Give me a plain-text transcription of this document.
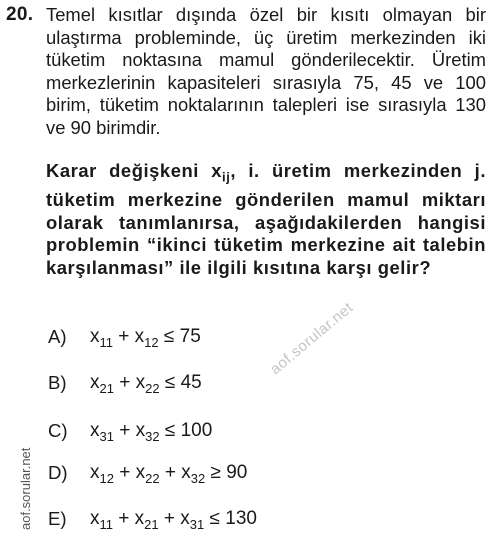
20. Temel kısıtlar dışında özel bir kısıtı olmayan bir ulaştırma probleminde, üç üretim merkezinden iki tüketim noktasına mamul gönderilecektir. Üretim merkezlerinin kapasiteleri sırasıyla 75, 45 ve 100 birim, tüketim noktalarının talepleri ise sırasıyla 130 ve 90 birimdir.

Karar değişkeni $x_{ij}$, i. üretim merkezinden j. tüketim merkezine gönderilen mamul miktarı olarak tanımlanırsa, aşağıdakilerden hangisi problemin “ikinci tüketim merkezine ait talebin karşılanması” ile ilgili kısıtına karşı gelir?

A) $x_{11} + x_{12} \le 75$
B) $x_{21} + x_{22} \le 45$
C) $x_{31} + x_{32} \le 100$
D) $x_{12} + x_{22} + x_{32} \ge 90$
E) $x_{11} + x_{21} + x_{31} \le 130$
aof.sorular.net
aof.sorular.net
